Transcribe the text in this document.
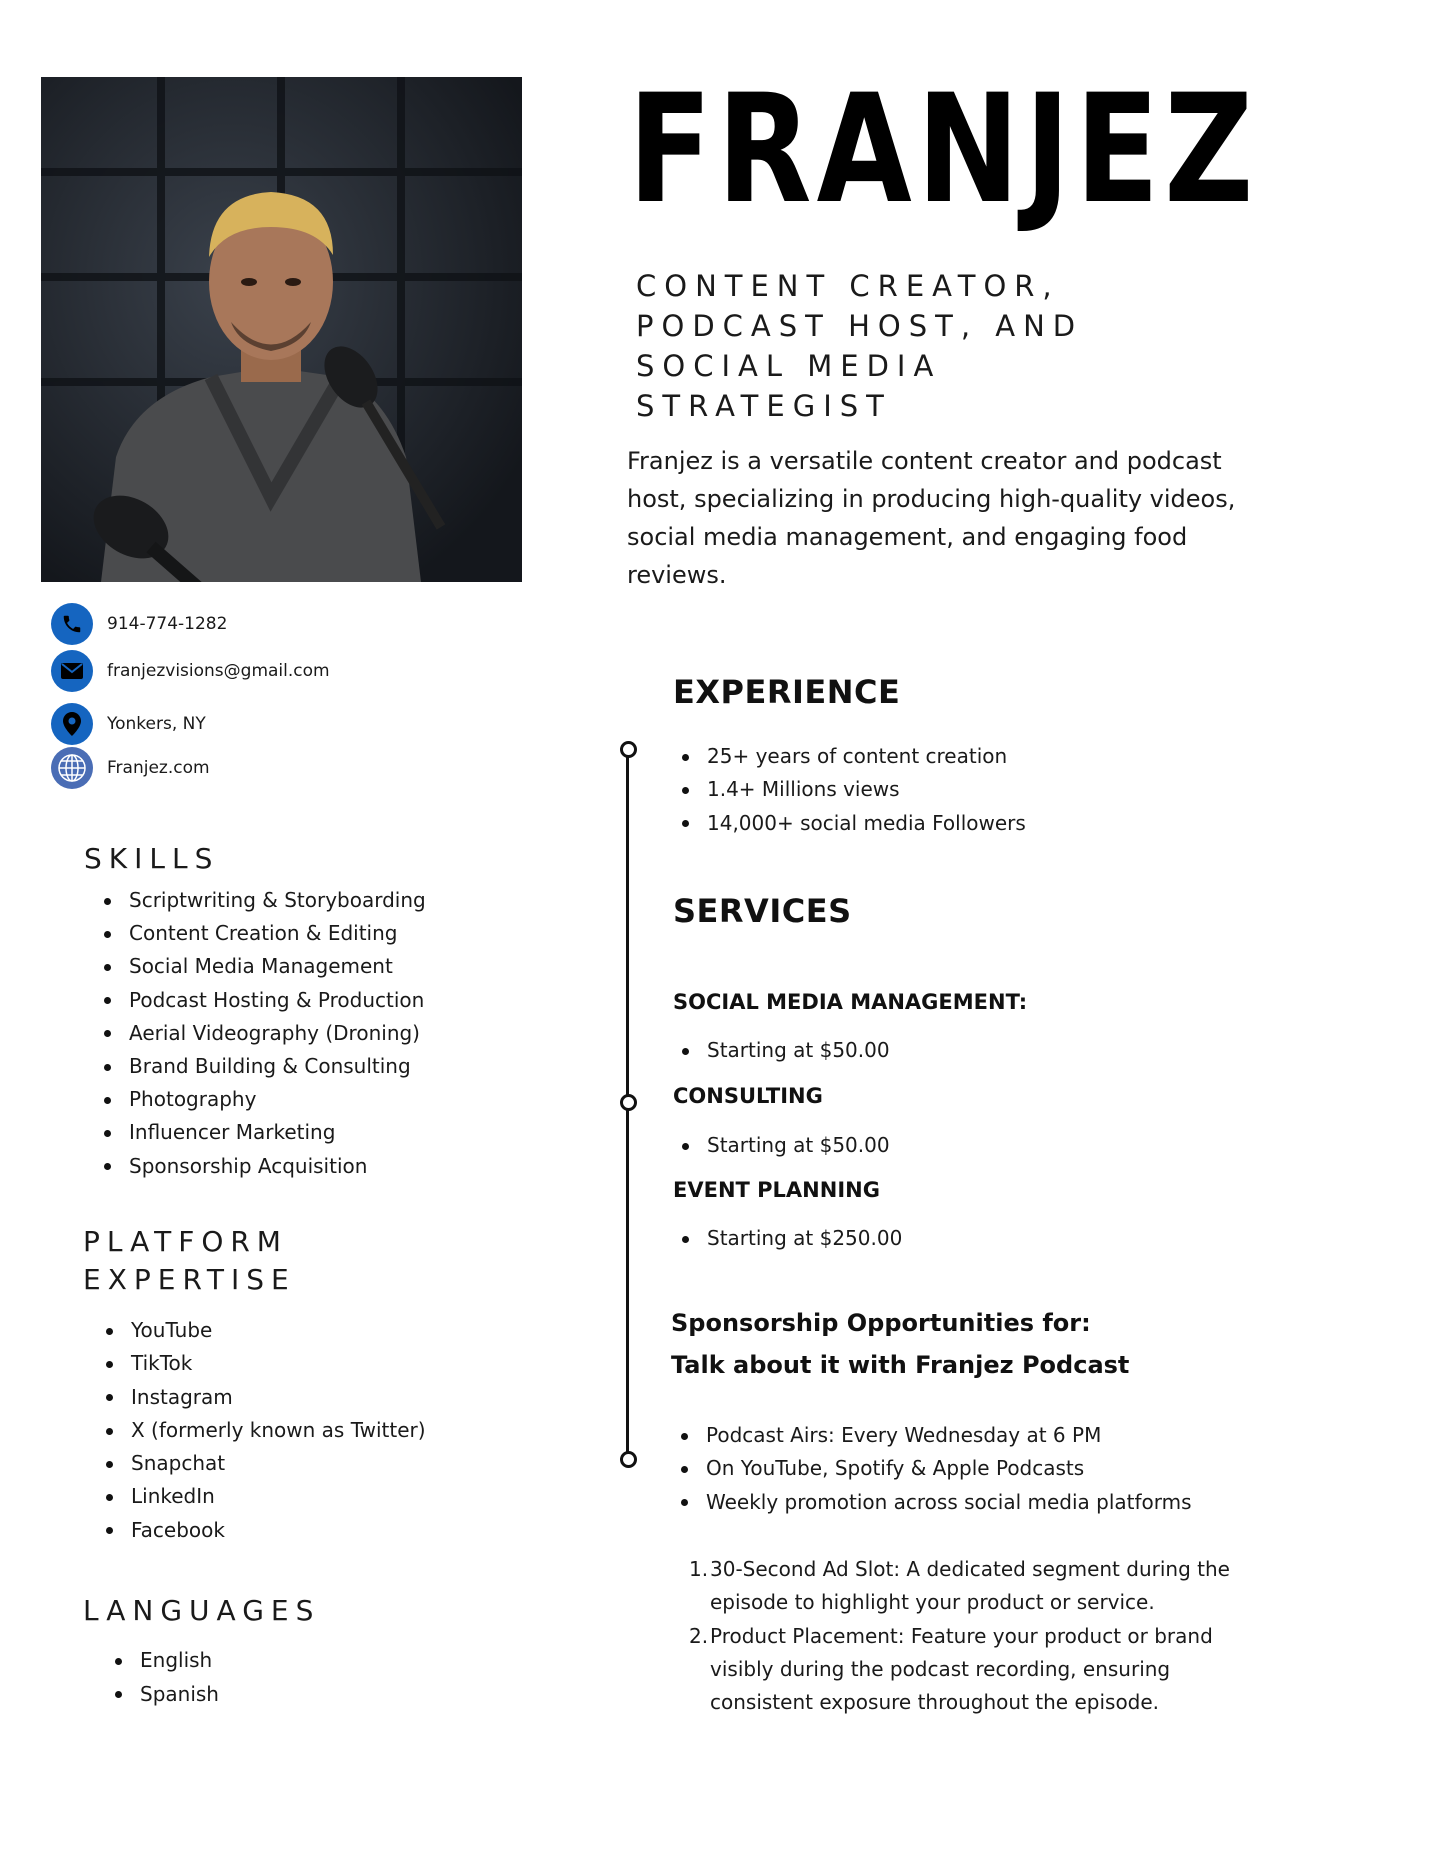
FRANJEZ
CONTENT CREATOR,
PODCAST HOST, AND
SOCIAL MEDIA
STRATEGIST
Franjez is a versatile content creator and podcast host, specializing in producing high-quality videos, social media management, and engaging food reviews.
914-774-1282
franjezvisions@gmail.com
Yonkers, NY
Franjez.com
SKILLS
Scriptwriting & Storyboarding
Content Creation & Editing
Social Media Management
Podcast Hosting & Production
Aerial Videography (Droning)
Brand Building & Consulting
Photography
Influencer Marketing
Sponsorship Acquisition
PLATFORM
EXPERTISE
YouTube
TikTok
Instagram
X (formerly known as Twitter)
Snapchat
LinkedIn
Facebook
LANGUAGES
English
Spanish
EXPERIENCE
25+ years of content creation
1.4+ Millions views
14,000+ social media Followers
SERVICES
SOCIAL MEDIA MANAGEMENT:
Starting at $50.00
CONSULTING
Starting at $50.00
EVENT PLANNING
Starting at $250.00
Sponsorship Opportunities for:
Talk about it with Franjez Podcast
Podcast Airs: Every Wednesday at 6 PM
On YouTube, Spotify & Apple Podcasts
Weekly promotion across social media platforms
1. 30-Second Ad Slot: A dedicated segment during the episode to highlight your product or service.
2. Product Placement: Feature your product or brand visibly during the podcast recording, ensuring consistent exposure throughout the episode.
